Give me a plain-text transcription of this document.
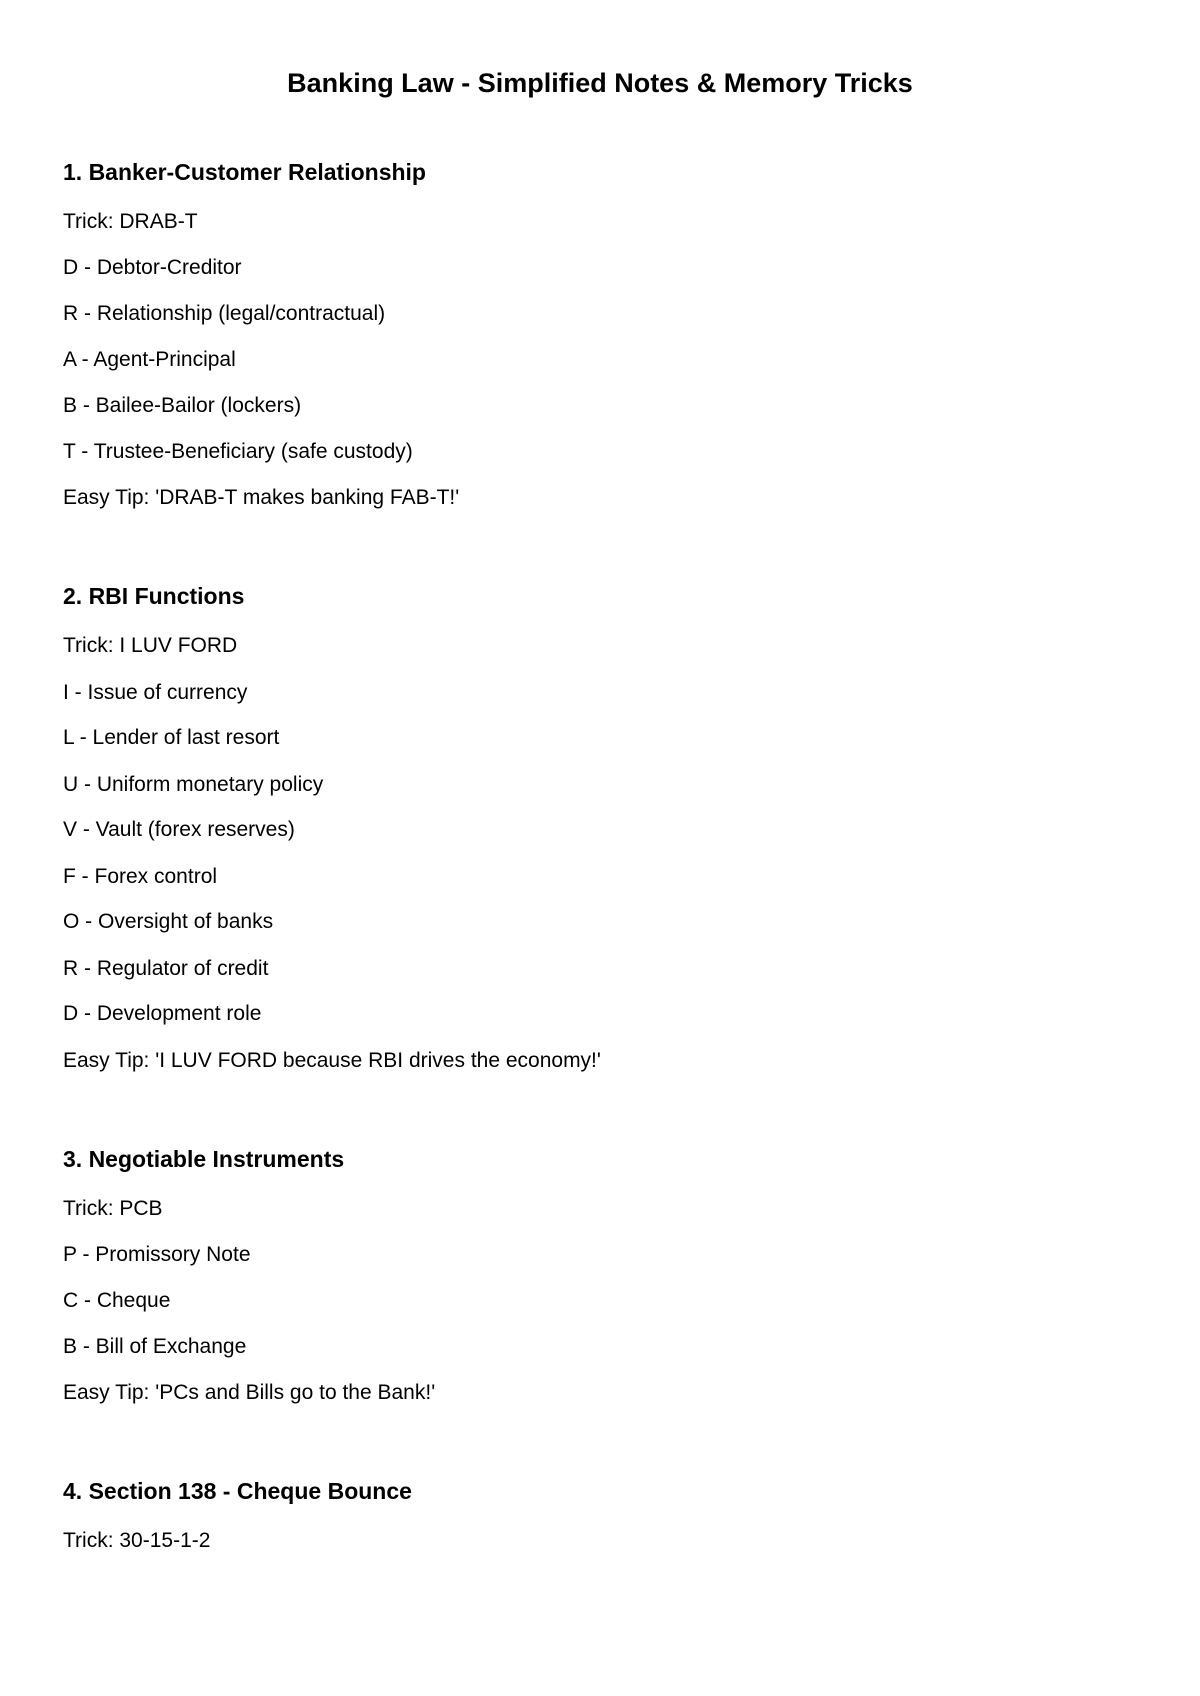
Banking Law - Simplified Notes & Memory Tricks
1. Banker-Customer Relationship
Trick: DRAB-T
D - Debtor-Creditor
R - Relationship (legal/contractual)
A - Agent-Principal
B - Bailee-Bailor (lockers)
T - Trustee-Beneficiary (safe custody)
Easy Tip: 'DRAB-T makes banking FAB-T!'
2. RBI Functions
Trick: I LUV FORD
I - Issue of currency
L - Lender of last resort
U - Uniform monetary policy
V - Vault (forex reserves)
F - Forex control
O - Oversight of banks
R - Regulator of credit
D - Development role
Easy Tip: 'I LUV FORD because RBI drives the economy!'
3. Negotiable Instruments
Trick: PCB
P - Promissory Note
C - Cheque
B - Bill of Exchange
Easy Tip: 'PCs and Bills go to the Bank!'
4. Section 138 - Cheque Bounce
Trick: 30-15-1-2
